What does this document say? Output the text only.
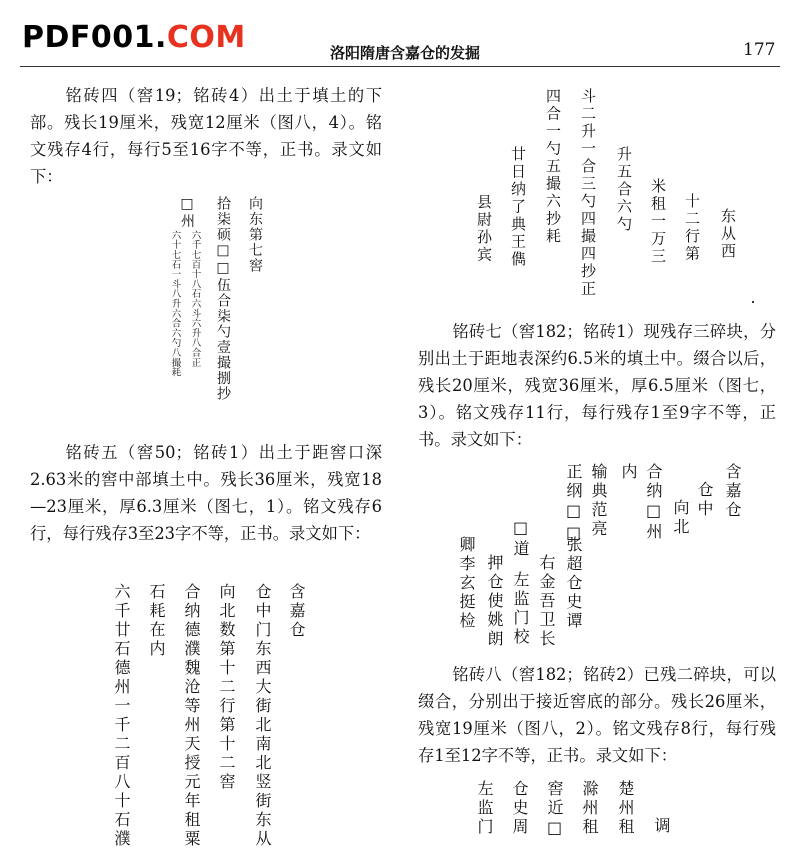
PDF001.COM	洛阳隋唐含嘉仓的发掘	177
铭砖四（窖19；铭砖4）出土于填土的下部。残长19厘米，残宽12厘米（图八，4）。铭文残存4行，每行5至16字不等，正书。录文如下：
向东第七窖
拾柒硕□□伍合柒勺壹撮捌抄
□州
六千七百十八石六斗六升八合正
六十七石一斗八升六合六勺八撮耗
铭砖五（窖50；铭砖1）出土于距窖口深2.63米的窖中部填土中。残长36厘米，残宽18—23厘米，厚6.3厘米（图七，1）。铭文残存6行，每行残存3至23字不等，正书。录文如下：
含嘉仓
仓中门东西大街北南北竖街东从
向北数第十二行第十二窖
合纳德濮魏沧等州天授元年租粟
石耗在内
六千廿石德州一千二百八十石濮
东从西
十二行第
米租一万三
升五合六勺
斗二升一合三勺四撮四抄正
四合一勺五撮六抄耗
廿日纳了典王儁
县尉孙宾
铭砖七（窖182；铭砖1）现残存三碎块，分别出土于距地表深约6.5米的填土中。缀合以后，残长20厘米，残宽36厘米，厚6.5厘米（图七，3）。铭文残存11行，每行残存1至9字不等，正书。录文如下：
含嘉仓
仓中
向北
合纳□州
内
输典范亮
正纲□□
张超仓史谭
右金吾卫长
左监门校
押仓使姚朗
□道
卿李玄挺检
铭砖八（窖182；铭砖2）已残二碎块，可以缀合，分别出于接近窖底的部分。残长26厘米，残宽19厘米（图八，2）。铭文残存8行，每行残存1至12字不等，正书。录文如下：
调
楚州租
滁州租
窖近□
仓史周
左监门
